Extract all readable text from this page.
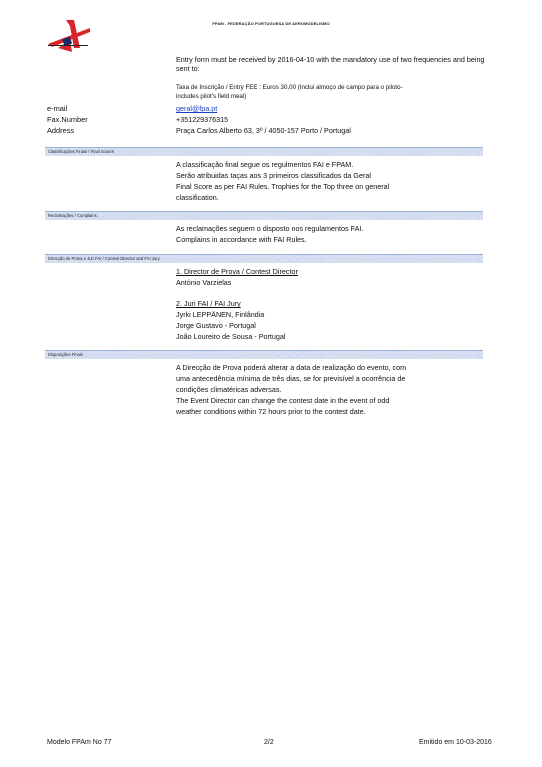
FPAM - FEDERAÇÃO PORTUGUESA DE AEROMODELISMO
Entry form must be received by 2016-04-10 with the mandatory use of two frequencies and being
sent to:
Taxa de Inscrição / Entry FEE : Euros 30,00 (Inclui almoço de campo para o piloto-
includes pilot's field meal)
e-mail	geral@fpa.pt
Fax.Number	+351229376315
Address	Praça Carlos Alberto 63, 3º / 4050-157 Porto / Portugal
Classificações Finais / Final Scores
A classificação final segue os regulmentos FAI e FPAM.
Serão atribuidas taças aos 3 primeiros classificados da Geral
Final Score as per FAI Rules. Trophies for the Top three on general
classification.
Reclamações / Complains.
As reclamações seguem o disposto nos regulamentos FAI.
Complains in accordance with FAI Rules.
Direcção de Prova e Juri FAI / Contest Director and FAI Jury
1. Director de Prova / Contest Director
António Varzielas
2. Juri FAI / FAI Jury
Jyrki LEPPÄNEN, Finlândia
Jorge Gustavo - Portugal
João Loureiro de Sousa - Portugal
Disposições Finais
A Direcção de Prova poderá alterar a data de realização do evento, com
uma antecedência mínima de três dias, se for previsível a ocorrência de
condições climatéricas adversas.
The Event Director can change the contest date in the event of odd
weather conditions within 72 hours prior to the contest date.
Modelo FPAm No 77	2/2	Emitido em 10-03-2016
